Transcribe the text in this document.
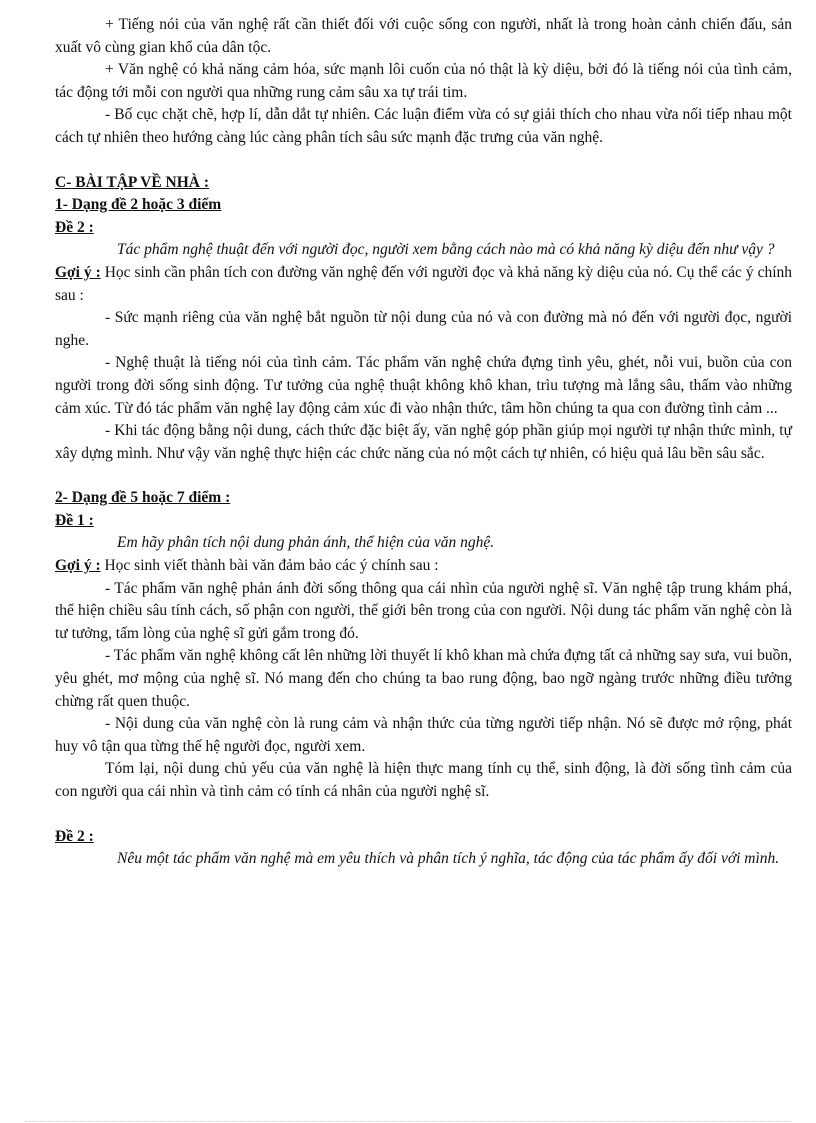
+ Tiếng nói của văn nghệ rất cần thiết đối với cuộc sống con người, nhất là trong hoàn cảnh chiến đấu, sản xuất vô cùng gian khổ của dân tộc.

+ Văn nghệ có khả năng cảm hóa, sức mạnh lôi cuốn của nó thật là kỳ diệu, bởi đó là tiếng nói của tình cảm, tác động tới mỗi con người qua những rung cảm sâu xa tự trái tim.

- Bố cục chặt chẽ, hợp lí, dẫn dắt tự nhiên. Các luận điểm vừa có sự giải thích cho nhau vừa nối tiếp nhau một cách tự nhiên theo hướng càng lúc càng phân tích sâu sức mạnh đặc trưng của văn nghệ.

C- BÀI TẬP VỀ NHÀ :

1- Dạng đề 2 hoặc 3 điểm

Đề 2 :

Tác phẩm nghệ thuật đến với người đọc, người xem bằng cách nào mà có khả năng kỳ diệu đến như vậy ?

Gợi ý : Học sinh cần phân tích con đường văn nghệ đến với người đọc và khả năng kỳ diệu của nó. Cụ thể các ý chính sau :

- Sức mạnh riêng của văn nghệ bắt nguồn từ nội dung của nó và con đường mà nó đến với người đọc, người nghe.

- Nghệ thuật là tiếng nói của tình cảm. Tác phẩm văn nghệ chứa đựng tình yêu, ghét, nỗi vui, buồn của con người trong đời sống sinh động. Tư tưởng của nghệ thuật không khô khan, trìu tượng mà lắng sâu, thấm vào những cảm xúc. Từ đó tác phẩm văn nghệ lay động cảm xúc đi vào nhận thức, tâm hồn chúng ta qua con đường tình cảm ...

- Khi tác động bằng nội dung, cách thức đặc biệt ấy, văn nghệ góp phần giúp mọi người tự nhận thức mình, tự xây dựng mình. Như vậy văn nghệ thực hiện các chức năng của nó một cách tự nhiên, có hiệu quả lâu bền sâu sắc.

2- Dạng đề 5 hoặc 7 điểm :

Đề 1 :

Em hãy phân tích nội dung phản ánh, thể hiện của văn nghệ.

Gợi ý : Học sinh viết thành bài văn đảm bảo các ý chính sau :

- Tác phẩm văn nghệ phản ánh đời sống thông qua cái nhìn của người nghệ sĩ. Văn nghệ tập trung khám phá, thể hiện chiều sâu tính cách, số phận con người, thế giới bên trong của con người. Nội dung tác phẩm văn nghệ còn là tư tưởng, tấm lòng của nghệ sĩ gửi gắm trong đó.

- Tác phẩm văn nghệ không cất lên những lời thuyết lí khô khan mà chứa đựng tất cả những say sưa, vui buồn, yêu ghét, mơ mộng của nghệ sĩ. Nó mang đến cho chúng ta bao rung động, bao ngỡ ngàng trước những điều tưởng chừng rất quen thuộc.

- Nội dung của văn nghệ còn là rung cảm và nhận thức của từng người tiếp nhận. Nó sẽ được mở rộng, phát huy vô tận qua từng thế hệ người đọc, người xem.

Tóm lại, nội dung chủ yếu của văn nghệ là hiện thực mang tính cụ thể, sinh động, là đời sống tình cảm của con người qua cái nhìn và tình cảm có tính cá nhân của người nghệ sĩ.

Đề 2 :

Nêu một tác phẩm văn nghệ mà em yêu thích và phân tích ý nghĩa, tác động của tác phẩm ấy đối với mình.
